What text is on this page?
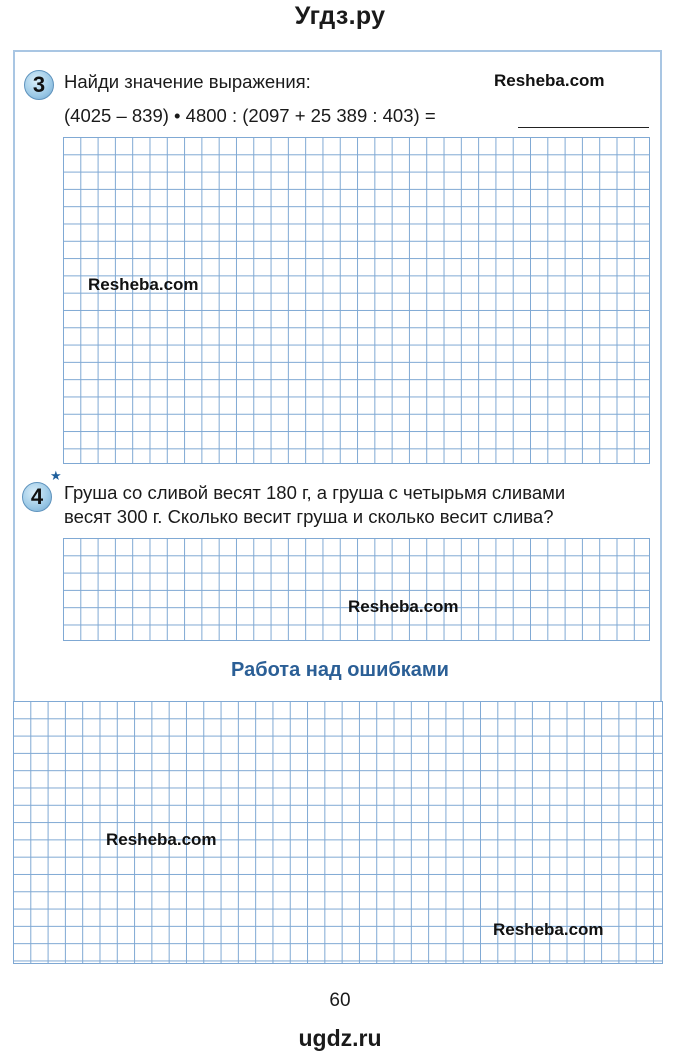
Угдз.ру
3	Найди значение выражения:
(4025 – 839) • 4800 : (2097 + 25 389 : 403) =
Resheba.com
Resheba.com
4
★
Груша со сливой весят 180 г, а груша с четырьмя сливами
весят 300 г. Сколько весит груша и сколько весит слива?
Resheba.com
Работа над ошибками
Resheba.com
Resheba.com
60
ugdz.ru
